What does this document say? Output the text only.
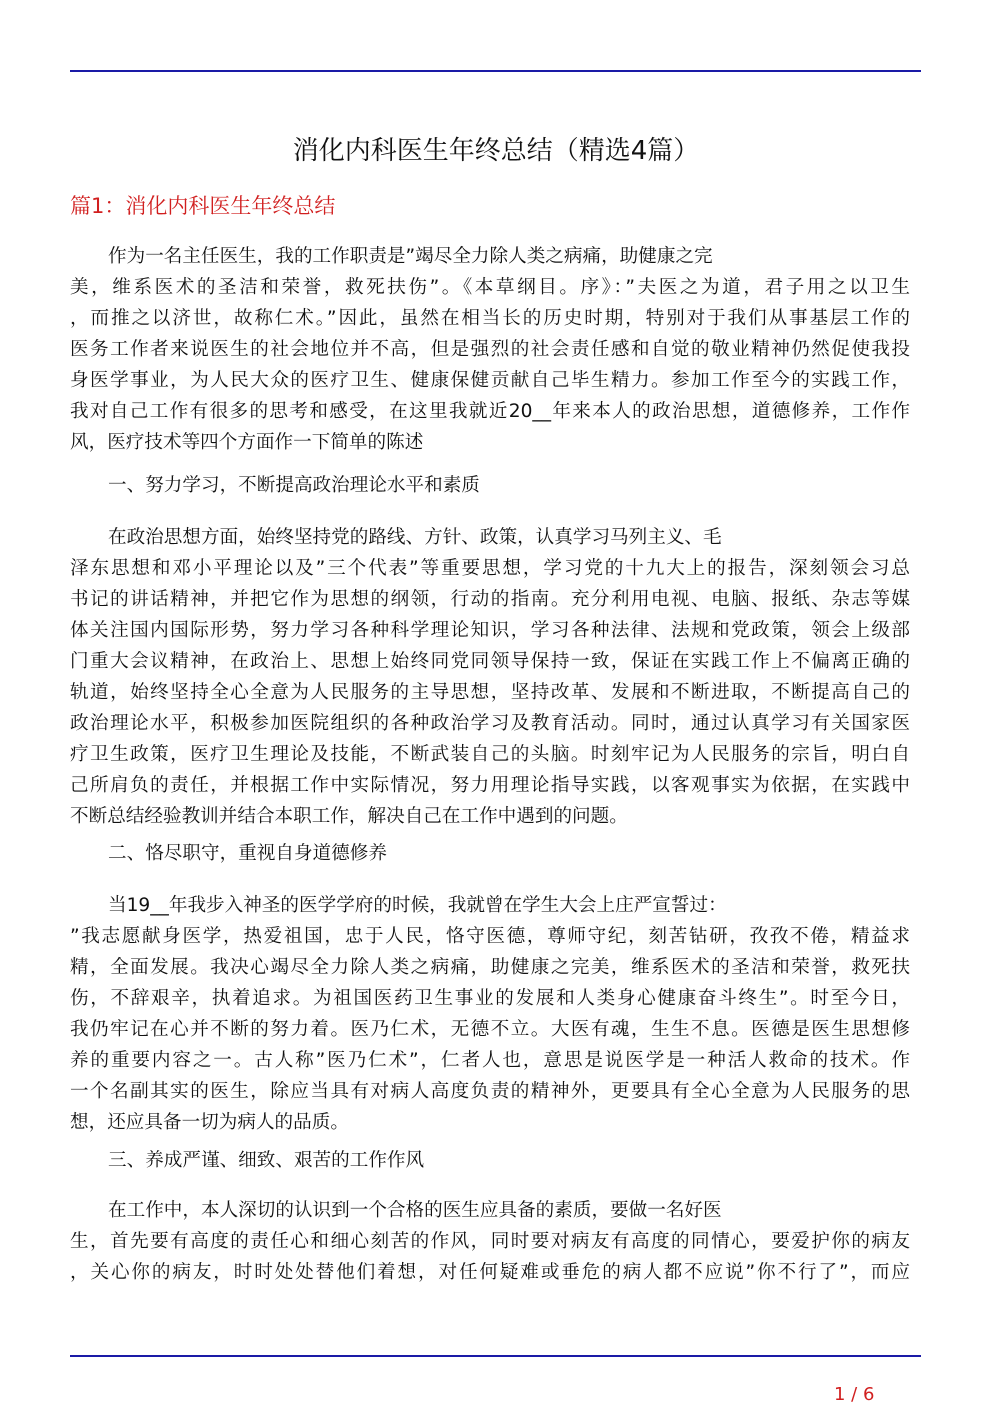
消化内科医生年终总结（精选4篇）
篇1：消化内科医生年终总结
作为一名主任医生，我的工作职责是”竭尽全力除人类之病痛，助健康之完
美，维系医术的圣洁和荣誉，救死扶伤”。《本草纲目。序》：”夫医之为道，君子用之以卫生
，而推之以济世，故称仁术。”因此，虽然在相当长的历史时期，特别对于我们从事基层工作的
医务工作者来说医生的社会地位并不高，但是强烈的社会责任感和自觉的敬业精神仍然促使我投
身医学事业，为人民大众的医疗卫生、健康保健贡献自己毕生精力。参加工作至今的实践工作，
我对自己工作有很多的思考和感受，在这里我就近20__年来本人的政治思想，道德修养，工作作
风，医疗技术等四个方面作一下简单的陈述
一、努力学习，不断提高政治理论水平和素质
在政治思想方面，始终坚持党的路线、方针、政策，认真学习马列主义、毛
泽东思想和邓小平理论以及”三个代表”等重要思想，学习党的十九大上的报告，深刻领会习总
书记的讲话精神，并把它作为思想的纲领，行动的指南。充分利用电视、电脑、报纸、杂志等媒
体关注国内国际形势，努力学习各种科学理论知识，学习各种法律、法规和党政策，领会上级部
门重大会议精神，在政治上、思想上始终同党同领导保持一致，保证在实践工作上不偏离正确的
轨道，始终坚持全心全意为人民服务的主导思想，坚持改革、发展和不断进取，不断提高自己的
政治理论水平，积极参加医院组织的各种政治学习及教育活动。同时，通过认真学习有关国家医
疗卫生政策，医疗卫生理论及技能，不断武装自己的头脑。时刻牢记为人民服务的宗旨，明白自
己所肩负的责任，并根据工作中实际情况，努力用理论指导实践，以客观事实为依据，在实践中
不断总结经验教训并结合本职工作，解决自己在工作中遇到的问题。
二、恪尽职守，重视自身道德修养
当19__年我步入神圣的医学学府的时候，我就曾在学生大会上庄严宣誓过：
”我志愿献身医学，热爱祖国，忠于人民，恪守医德，尊师守纪，刻苦钻研，孜孜不倦，精益求
精，全面发展。我决心竭尽全力除人类之病痛，助健康之完美，维系医术的圣洁和荣誉，救死扶
伤，不辞艰辛，执着追求。为祖国医药卫生事业的发展和人类身心健康奋斗终生”。时至今日，
我仍牢记在心并不断的努力着。医乃仁术，无德不立。大医有魂，生生不息。医德是医生思想修
养的重要内容之一。古人称”医乃仁术”，仁者人也，意思是说医学是一种活人救命的技术。作
一个名副其实的医生，除应当具有对病人高度负责的精神外，更要具有全心全意为人民服务的思
想，还应具备一切为病人的品质。
三、养成严谨、细致、艰苦的工作作风
在工作中，本人深切的认识到一个合格的医生应具备的素质，要做一名好医
生，首先要有高度的责任心和细心刻苦的作风，同时要对病友有高度的同情心，要爱护你的病友
，关心你的病友，时时处处替他们着想，对任何疑难或垂危的病人都不应说”你不行了”，而应
1 / 6
